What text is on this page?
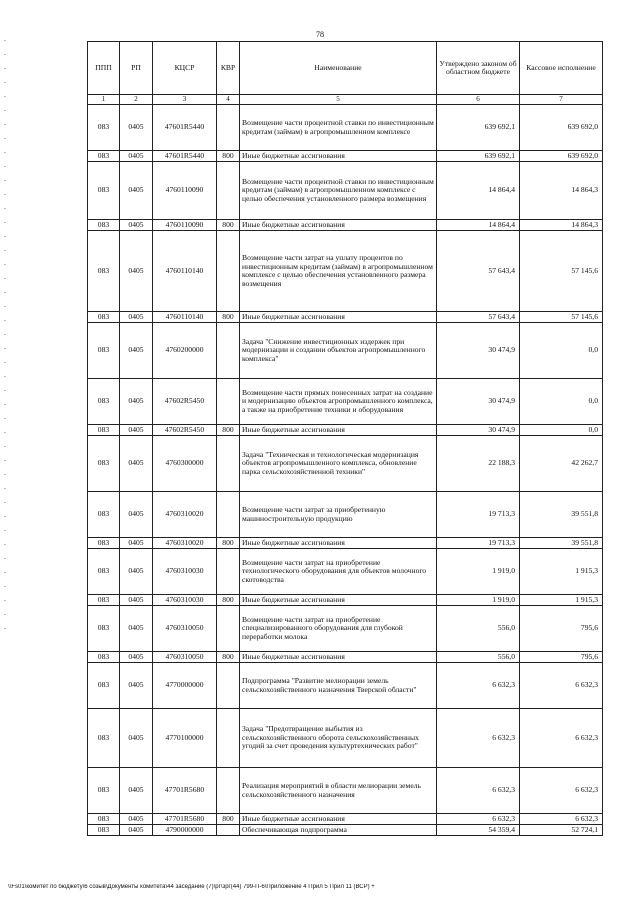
78
ППП	РП	КЦСР	КВР	Наименование	Утверждено законом об областном бюджете	Кассовое исполнение
1	2	3	4	5	6	7
083	0405	47601R5440		Возмещение части процентной ставки по инвестиционным кредитам (займам) в агропромышленном комплексе	639 692,1	639 692,0
083	0405	47601R5440	800	Иные бюджетные ассигнования	639 692,1	639 692,0
083	0405	4760110090		Возмещение части процентной ставки по инвестиционным кредитам (займам) в агропромышленном комплексе с целью обеспечения установленного размера возмещения	14 864,4	14 864,3
083	0405	4760110090	800	Иные бюджетные ассигнования	14 864,4	14 864,3
083	0405	4760110140		Возмещение части затрат на уплату процентов по инвестиционным кредитам (займам) в агропромышленном комплексе с целью обеспечения установленного размера возмещения	57 643,4	57 145,6
083	0405	4760110140	800	Иные бюджетные ассигнования	57 643,4	57 145,6
083	0405	4760200000		Задача "Снижение инвестиционных издержек при модернизации и создании объектов агропромышленного комплекса"	30 474,9	0,0
083	0405	47602R5450		Возмещение части прямых понесенных затрат на создание и модернизацию объектов агропромышленного комплекса, а также на приобретение техники и оборудования	30 474,9	0,0
083	0405	47602R5450	800	Иные бюджетные ассигнования	30 474,9	0,0
083	0405	4760300000		Задача "Техническая и технологическая модернизация объектов агропромышленного комплекса, обновление парка сельскохозяйственной техники"	22 188,3	42 262,7
083	0405	4760310020		Возмещение части затрат за приобретенную машиностроительную продукцию	19 713,3	39 551,8
083	0405	4760310020	800	Иные бюджетные ассигнования	19 713,3	39 551,8
083	0405	4760310030		Возмещение части затрат на приобретение технологического оборудования для объектов молочного скотоводства	1 919,0	1 915,3
083	0405	4760310030	800	Иные бюджетные ассигнования	1 919,0	1 915,3
083	0405	4760310050		Возмещение части затрат на приобретение специализированного оборудования для глубокой переработки молока	556,0	795,6
083	0405	4760310050	800	Иные бюджетные ассигнования	556,0	795,6
083	0405	4770000000		Подпрограмма "Развитие мелиорации земель сельскохозяйственного назначения Тверской области"	6 632,3	6 632,3
083	0405	4770100000		Задача "Предотвращение выбытия из сельскохозяйственного оборота сельскохозяйственных угодий за счет проведения культуртехнических работ"	6 632,3	6 632,3
083	0405	47701R5680		Реализация мероприятий в области мелиорации земель сельскохозяйственного назначения	6 632,3	6 632,3
083	0405	47701R5680	800	Иные бюджетные ассигнования	6 632,3	6 632,3
083	0405	4790000000		Обеспечивающая подпрограмма	54 359,4	52 724,1
\\Fs01\комитет по бюджету\6 созыв\Документы комитета\44 заседание (7)\рг\зрг(44) 799-П-6\Приложение 4 Прил 5 Прил 11 (ВСР) +
